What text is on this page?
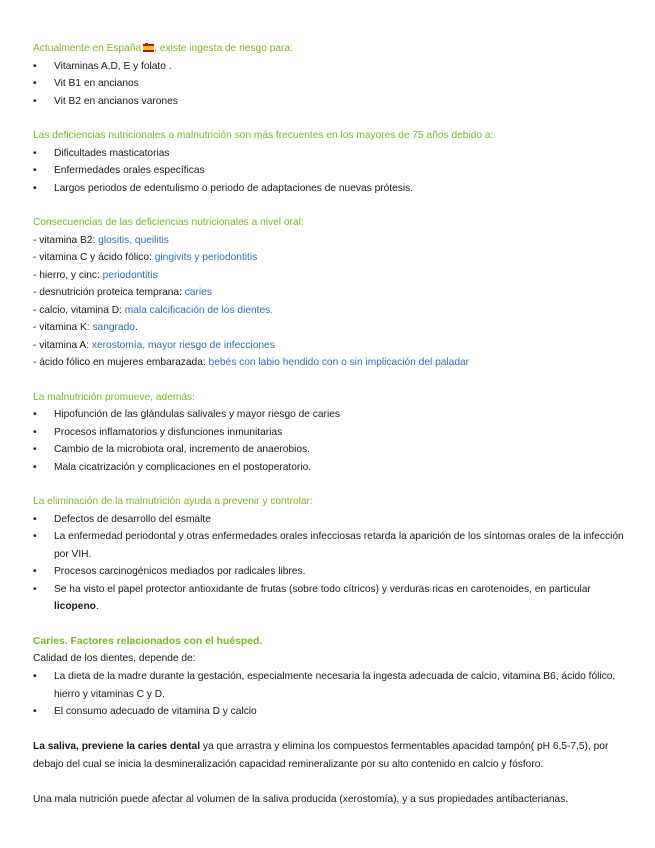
Actualmente en España , existe ingesta de riesgo para:

• Vitaminas A,D, E y folato .
• Vit B1 en ancianos
• Vit B2 en ancianos varones

Las deficiencias nutricionales o malnutrición son más frecuentes en los mayores de 75 años debido a:

• Dificultades masticatorias
• Enfermedades orales específicas
• Largos periodos de edentulismo o periodo de adaptaciones de nuevas prótesis.

Consecuencias de las deficiencias nutricionales a nivel oral:

- vitamina B2: glositis, queilitis
- vitamina C y ácido fólico: gingivits y periodontitis
- hierro, y cinc: periodontitis
- desnutrición proteica temprana: caries
- calcio, vitamina D: mala calcificación de los dientes.
- vitamina K: sangrado.
- vitamina A: xerostomía, mayor riesgo de infecciones
- ácido fólico en mujeres embarazada: bebés con labio hendido con o sin implicación del paladar

La malnutrición promueve, además:

• Hipofunción de las glándulas salivales y mayor riesgo de caries
• Procesos inflamatorios y disfunciones inmunitarias
• Cambio de la microbiota oral, incremento de anaerobios.
• Mala cicatrización y complicaciones en el postoperatorio.

La eliminación de la malnutrición ayuda a prevenir y controlar:

• Defectos de desarrollo del esmalte
• La enfermedad periodontal y otras enfermedades orales infecciosas retarda la aparición de los síntomas orales de la infección por VIH.
• Procesos carcinogénicos mediados por radicales libres.
• Se ha visto el papel protector antioxidante de frutas (sobre todo cítricos) y verduras ricas en carotenoides, en particular licopeno.

Caries. Factores relacionados con el huésped.

Calidad de los dientes, depende de:

• La dieta de la madre durante la gestación, especialmente necesaria la ingesta adecuada de calcio, vitamina B6, ácido fólico, hierro y vitaminas C y D.
• El consumo adecuado de vitamina D y calcio

La saliva, previene la caries dental ya que arrastra y elimina los compuestos fermentables apacidad tampón( pH 6,5-7,5), por debajo del cual se inicia la desmineralización capacidad remineralizante por su alto contenido en calcio y fósforo.

Una mala nutrición puede afectar al volumen de la saliva producida (xerostomía), y a sus propiedades antibacterianas.
